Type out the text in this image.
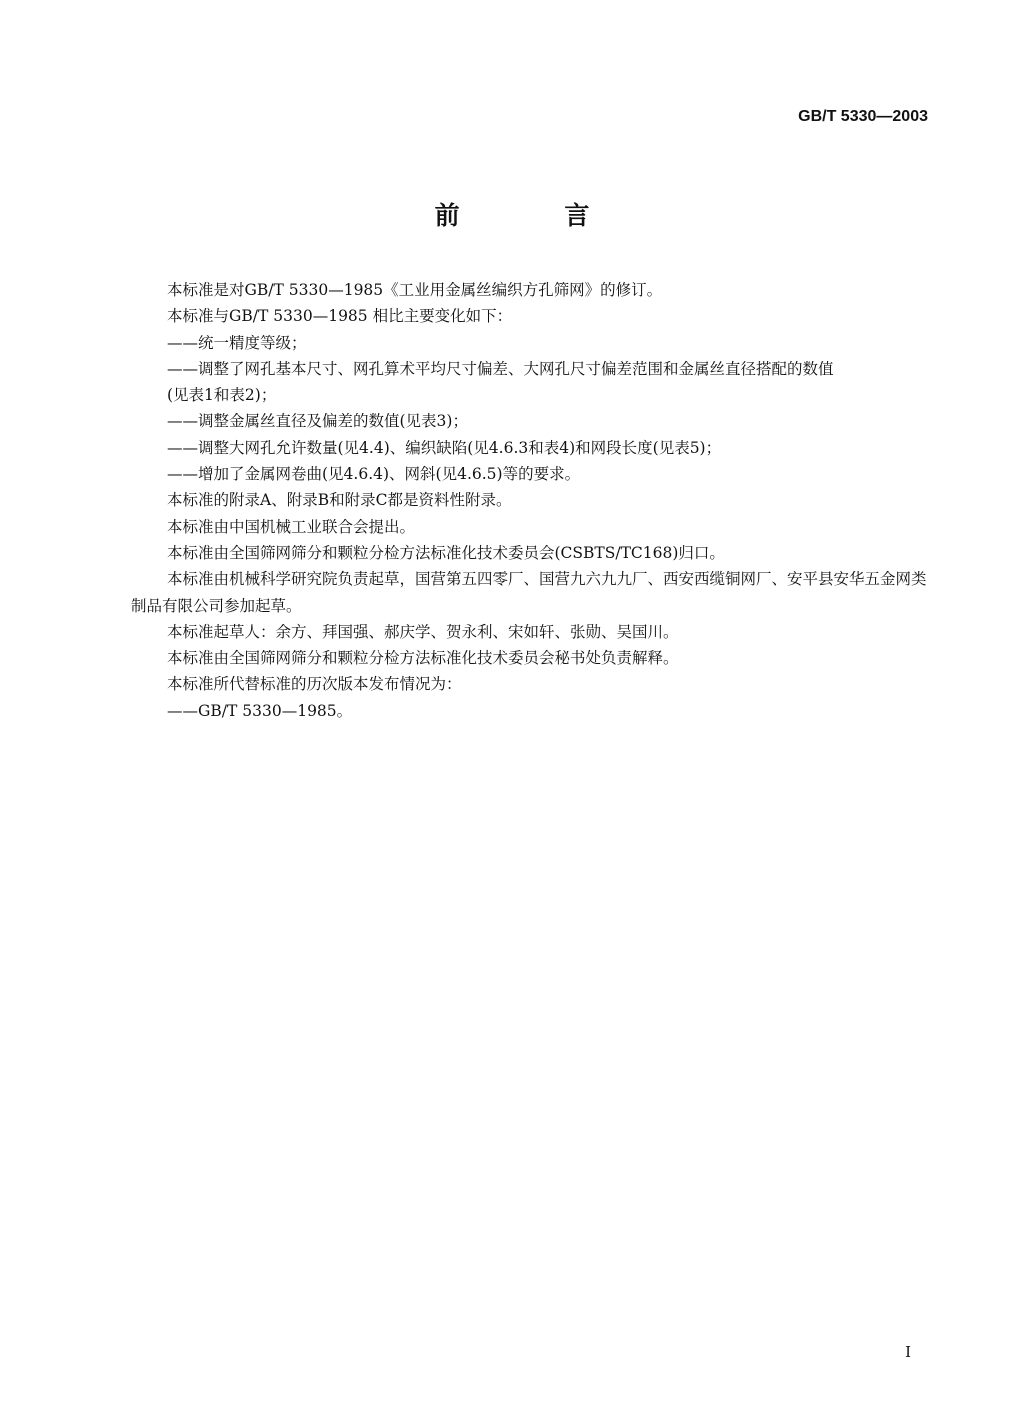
GB/T 5330—2003
前 言

本标准是对GB/T 5330—1985《工业用金属丝编织方孔筛网》的修订。

本标准与GB/T 5330—1985 相比主要变化如下：

——统一精度等级；

——调整了网孔基本尺寸、网孔算术平均尺寸偏差、大网孔尺寸偏差范围和金属丝直径搭配的数值

(见表1和表2)；

——调整金属丝直径及偏差的数值(见表3)；

——调整大网孔允许数量(见4.4)、编织缺陷(见4.6.3和表4)和网段长度(见表5)；

——增加了金属网卷曲(见4.6.4)、网斜(见4.6.5)等的要求。

本标准的附录A、附录B和附录C都是资料性附录。

本标准由中国机械工业联合会提出。

本标准由全国筛网筛分和颗粒分检方法标准化技术委员会(CSBTS/TC168)归口。

本标准由机械科学研究院负责起草，国营第五四零厂、国营九六九九厂、西安西缆铜网厂、安平县安华五金网类制品有限公司参加起草。

本标准起草人：余方、拜国强、郝庆学、贺永利、宋如轩、张勋、吴国川。

本标准由全国筛网筛分和颗粒分检方法标准化技术委员会秘书处负责解释。

本标准所代替标准的历次版本发布情况为：

——GB/T 5330—1985。

I
